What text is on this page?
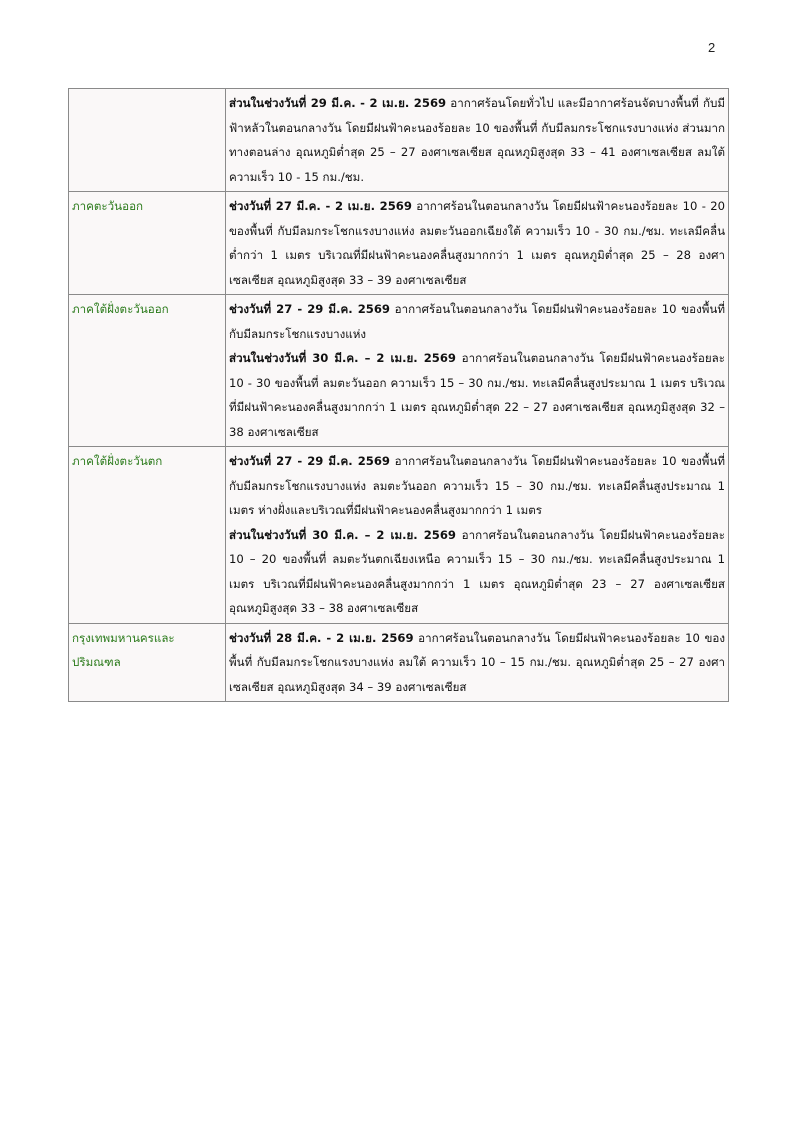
2

	ส่วนในช่วงวันที่ 29 มี.ค. - 2 เม.ย. 2569 อากาศร้อนโดยทั่วไป และมีอากาศร้อนจัดบางพื้นที่ กับมีฟ้าหลัวในตอนกลางวัน โดยมีฝนฟ้าคะนองร้อยละ 10 ของพื้นที่ กับมีลมกระโชกแรงบางแห่ง ส่วนมากทางตอนล่าง อุณหภูมิต่ำสุด 25 – 27 องศาเซลเซียส อุณหภูมิสูงสุด 33 – 41 องศาเซลเซียส ลมใต้ ความเร็ว 10 - 15 กม./ชม.

ภาคตะวันออก	ช่วงวันที่ 27 มี.ค. - 2 เม.ย. 2569 อากาศร้อนในตอนกลางวัน โดยมีฝนฟ้าคะนองร้อยละ 10 - 20 ของพื้นที่ กับมีลมกระโชกแรงบางแห่ง ลมตะวันออกเฉียงใต้ ความเร็ว 10 - 30 กม./ชม. ทะเลมีคลื่นต่ำกว่า 1 เมตร บริเวณที่มีฝนฟ้าคะนองคลื่นสูงมากกว่า 1 เมตร อุณหภูมิต่ำสุด 25 – 28 องศาเซลเซียส อุณหภูมิสูงสุด 33 – 39 องศาเซลเซียส

ภาคใต้ฝั่งตะวันออก	ช่วงวันที่ 27 - 29 มี.ค. 2569 อากาศร้อนในตอนกลางวัน โดยมีฝนฟ้าคะนองร้อยละ 10 ของพื้นที่ กับมีลมกระโชกแรงบางแห่ง
ส่วนในช่วงวันที่ 30 มี.ค. – 2 เม.ย. 2569 อากาศร้อนในตอนกลางวัน โดยมีฝนฟ้าคะนองร้อยละ 10 - 30 ของพื้นที่ ลมตะวันออก ความเร็ว 15 – 30 กม./ชม. ทะเลมีคลื่นสูงประมาณ 1 เมตร บริเวณที่มีฝนฟ้าคะนองคลื่นสูงมากกว่า 1 เมตร อุณหภูมิต่ำสุด 22 – 27 องศาเซลเซียส อุณหภูมิสูงสุด 32 – 38 องศาเซลเซียส

ภาคใต้ฝั่งตะวันตก	ช่วงวันที่ 27 - 29 มี.ค. 2569 อากาศร้อนในตอนกลางวัน โดยมีฝนฟ้าคะนองร้อยละ 10 ของพื้นที่ กับมีลมกระโชกแรงบางแห่ง ลมตะวันออก ความเร็ว 15 – 30 กม./ชม. ทะเลมีคลื่นสูงประมาณ 1 เมตร ห่างฝั่งและบริเวณที่มีฝนฟ้าคะนองคลื่นสูงมากกว่า 1 เมตร
ส่วนในช่วงวันที่ 30 มี.ค. – 2 เม.ย. 2569 อากาศร้อนในตอนกลางวัน โดยมีฝนฟ้าคะนองร้อยละ 10 – 20 ของพื้นที่ ลมตะวันตกเฉียงเหนือ ความเร็ว 15 – 30 กม./ชม. ทะเลมีคลื่นสูงประมาณ 1 เมตร บริเวณที่มีฝนฟ้าคะนองคลื่นสูงมากกว่า 1 เมตร อุณหภูมิต่ำสุด 23 – 27 องศาเซลเซียส อุณหภูมิสูงสุด 33 – 38 องศาเซลเซียส

กรุงเทพมหานครและปริมณฑล	ช่วงวันที่ 28 มี.ค. - 2 เม.ย. 2569 อากาศร้อนในตอนกลางวัน โดยมีฝนฟ้าคะนองร้อยละ 10 ของพื้นที่ กับมีลมกระโชกแรงบางแห่ง ลมใต้ ความเร็ว 10 – 15 กม./ชม. อุณหภูมิต่ำสุด 25 – 27 องศาเซลเซียส อุณหภูมิสูงสุด 34 – 39 องศาเซลเซียส
